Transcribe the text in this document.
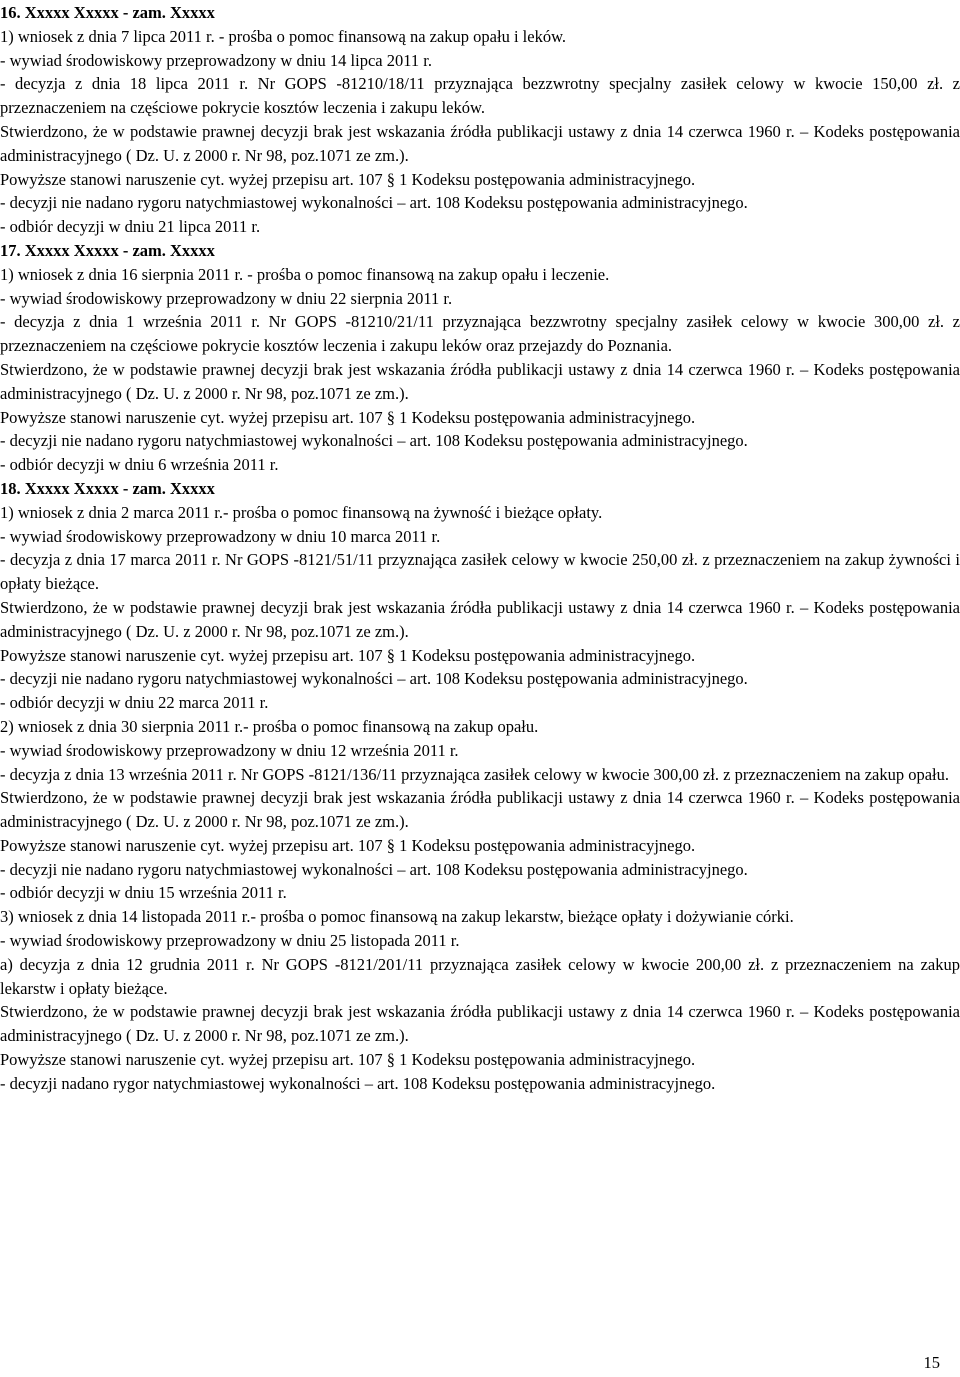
16. Xxxxx Xxxxx - zam. Xxxxx

1) wniosek z dnia 7 lipca 2011 r. - prośba o pomoc finansową na zakup opału i leków.

- wywiad środowiskowy przeprowadzony w dniu 14 lipca 2011 r.

- decyzja z dnia 18 lipca 2011 r. Nr GOPS -81210/18/11 przyznająca bezzwrotny specjalny zasiłek celowy w kwocie 150,00 zł. z przeznaczeniem na częściowe pokrycie kosztów leczenia i zakupu leków.

Stwierdzono, że w podstawie prawnej decyzji brak jest wskazania źródła publikacji ustawy z dnia 14 czerwca 1960 r. – Kodeks postępowania administracyjnego ( Dz. U. z 2000 r. Nr 98, poz.1071 ze zm.).

Powyższe stanowi naruszenie cyt. wyżej przepisu art. 107 § 1 Kodeksu postępowania administracyjnego.

- decyzji nie nadano rygoru natychmiastowej wykonalności – art. 108 Kodeksu postępowania administracyjnego.

- odbiór decyzji w dniu 21 lipca 2011 r.

17. Xxxxx Xxxxx - zam. Xxxxx

1) wniosek z dnia 16 sierpnia 2011 r. - prośba o pomoc finansową na zakup opału i leczenie.

- wywiad środowiskowy przeprowadzony w dniu 22 sierpnia 2011 r.

- decyzja z dnia 1 września 2011 r. Nr GOPS -81210/21/11 przyznająca bezzwrotny specjalny zasiłek celowy w kwocie 300,00 zł. z przeznaczeniem na częściowe pokrycie kosztów leczenia i zakupu leków oraz przejazdy do Poznania.

Stwierdzono, że w podstawie prawnej decyzji brak jest wskazania źródła publikacji ustawy z dnia 14 czerwca 1960 r. – Kodeks postępowania administracyjnego ( Dz. U. z 2000 r. Nr 98, poz.1071 ze zm.).

Powyższe stanowi naruszenie cyt. wyżej przepisu art. 107 § 1 Kodeksu postępowania administracyjnego.

- decyzji nie nadano rygoru natychmiastowej wykonalności – art. 108 Kodeksu postępowania administracyjnego.

- odbiór decyzji w dniu 6 września 2011 r.

18. Xxxxx Xxxxx - zam. Xxxxx

1) wniosek z dnia 2 marca 2011 r.- prośba o pomoc finansową na żywność i bieżące opłaty.

- wywiad środowiskowy przeprowadzony w dniu 10 marca 2011 r.

- decyzja z dnia 17 marca 2011 r. Nr GOPS -8121/51/11 przyznająca zasiłek celowy w kwocie 250,00 zł. z przeznaczeniem na zakup żywności i opłaty bieżące.

Stwierdzono, że w podstawie prawnej decyzji brak jest wskazania źródła publikacji ustawy z dnia 14 czerwca 1960 r. – Kodeks postępowania administracyjnego ( Dz. U. z 2000 r. Nr 98, poz.1071 ze zm.).

Powyższe stanowi naruszenie cyt. wyżej przepisu art. 107 § 1 Kodeksu postępowania administracyjnego.

- decyzji nie nadano rygoru natychmiastowej wykonalności – art. 108 Kodeksu postępowania administracyjnego.

- odbiór decyzji w dniu 22 marca 2011 r.

2) wniosek z dnia 30 sierpnia 2011 r.- prośba o pomoc finansową na zakup opału.

- wywiad środowiskowy przeprowadzony w dniu 12 września 2011 r.

- decyzja z dnia 13 września 2011 r. Nr GOPS -8121/136/11 przyznająca zasiłek celowy w kwocie 300,00 zł. z przeznaczeniem na zakup opału.

Stwierdzono, że w podstawie prawnej decyzji brak jest wskazania źródła publikacji ustawy z dnia 14 czerwca 1960 r. – Kodeks postępowania administracyjnego ( Dz. U. z 2000 r. Nr 98, poz.1071 ze zm.).

Powyższe stanowi naruszenie cyt. wyżej przepisu art. 107 § 1 Kodeksu postępowania administracyjnego.

- decyzji nie nadano rygoru natychmiastowej wykonalności – art. 108 Kodeksu postępowania administracyjnego.

- odbiór decyzji w dniu 15 września 2011 r.

3) wniosek z dnia 14 listopada 2011 r.- prośba o pomoc finansową na zakup lekarstw, bieżące opłaty i dożywianie córki.

- wywiad środowiskowy przeprowadzony w dniu 25 listopada 2011 r.

a) decyzja z dnia 12 grudnia 2011 r. Nr GOPS -8121/201/11 przyznająca zasiłek celowy w kwocie 200,00 zł. z przeznaczeniem na zakup lekarstw i opłaty bieżące.

Stwierdzono, że w podstawie prawnej decyzji brak jest wskazania źródła publikacji ustawy z dnia 14 czerwca 1960 r. – Kodeks postępowania administracyjnego ( Dz. U. z 2000 r. Nr 98, poz.1071 ze zm.).

Powyższe stanowi naruszenie cyt. wyżej przepisu art. 107 § 1 Kodeksu postępowania administracyjnego.

- decyzji nadano rygor natychmiastowej wykonalności – art. 108 Kodeksu postępowania administracyjnego.

15
